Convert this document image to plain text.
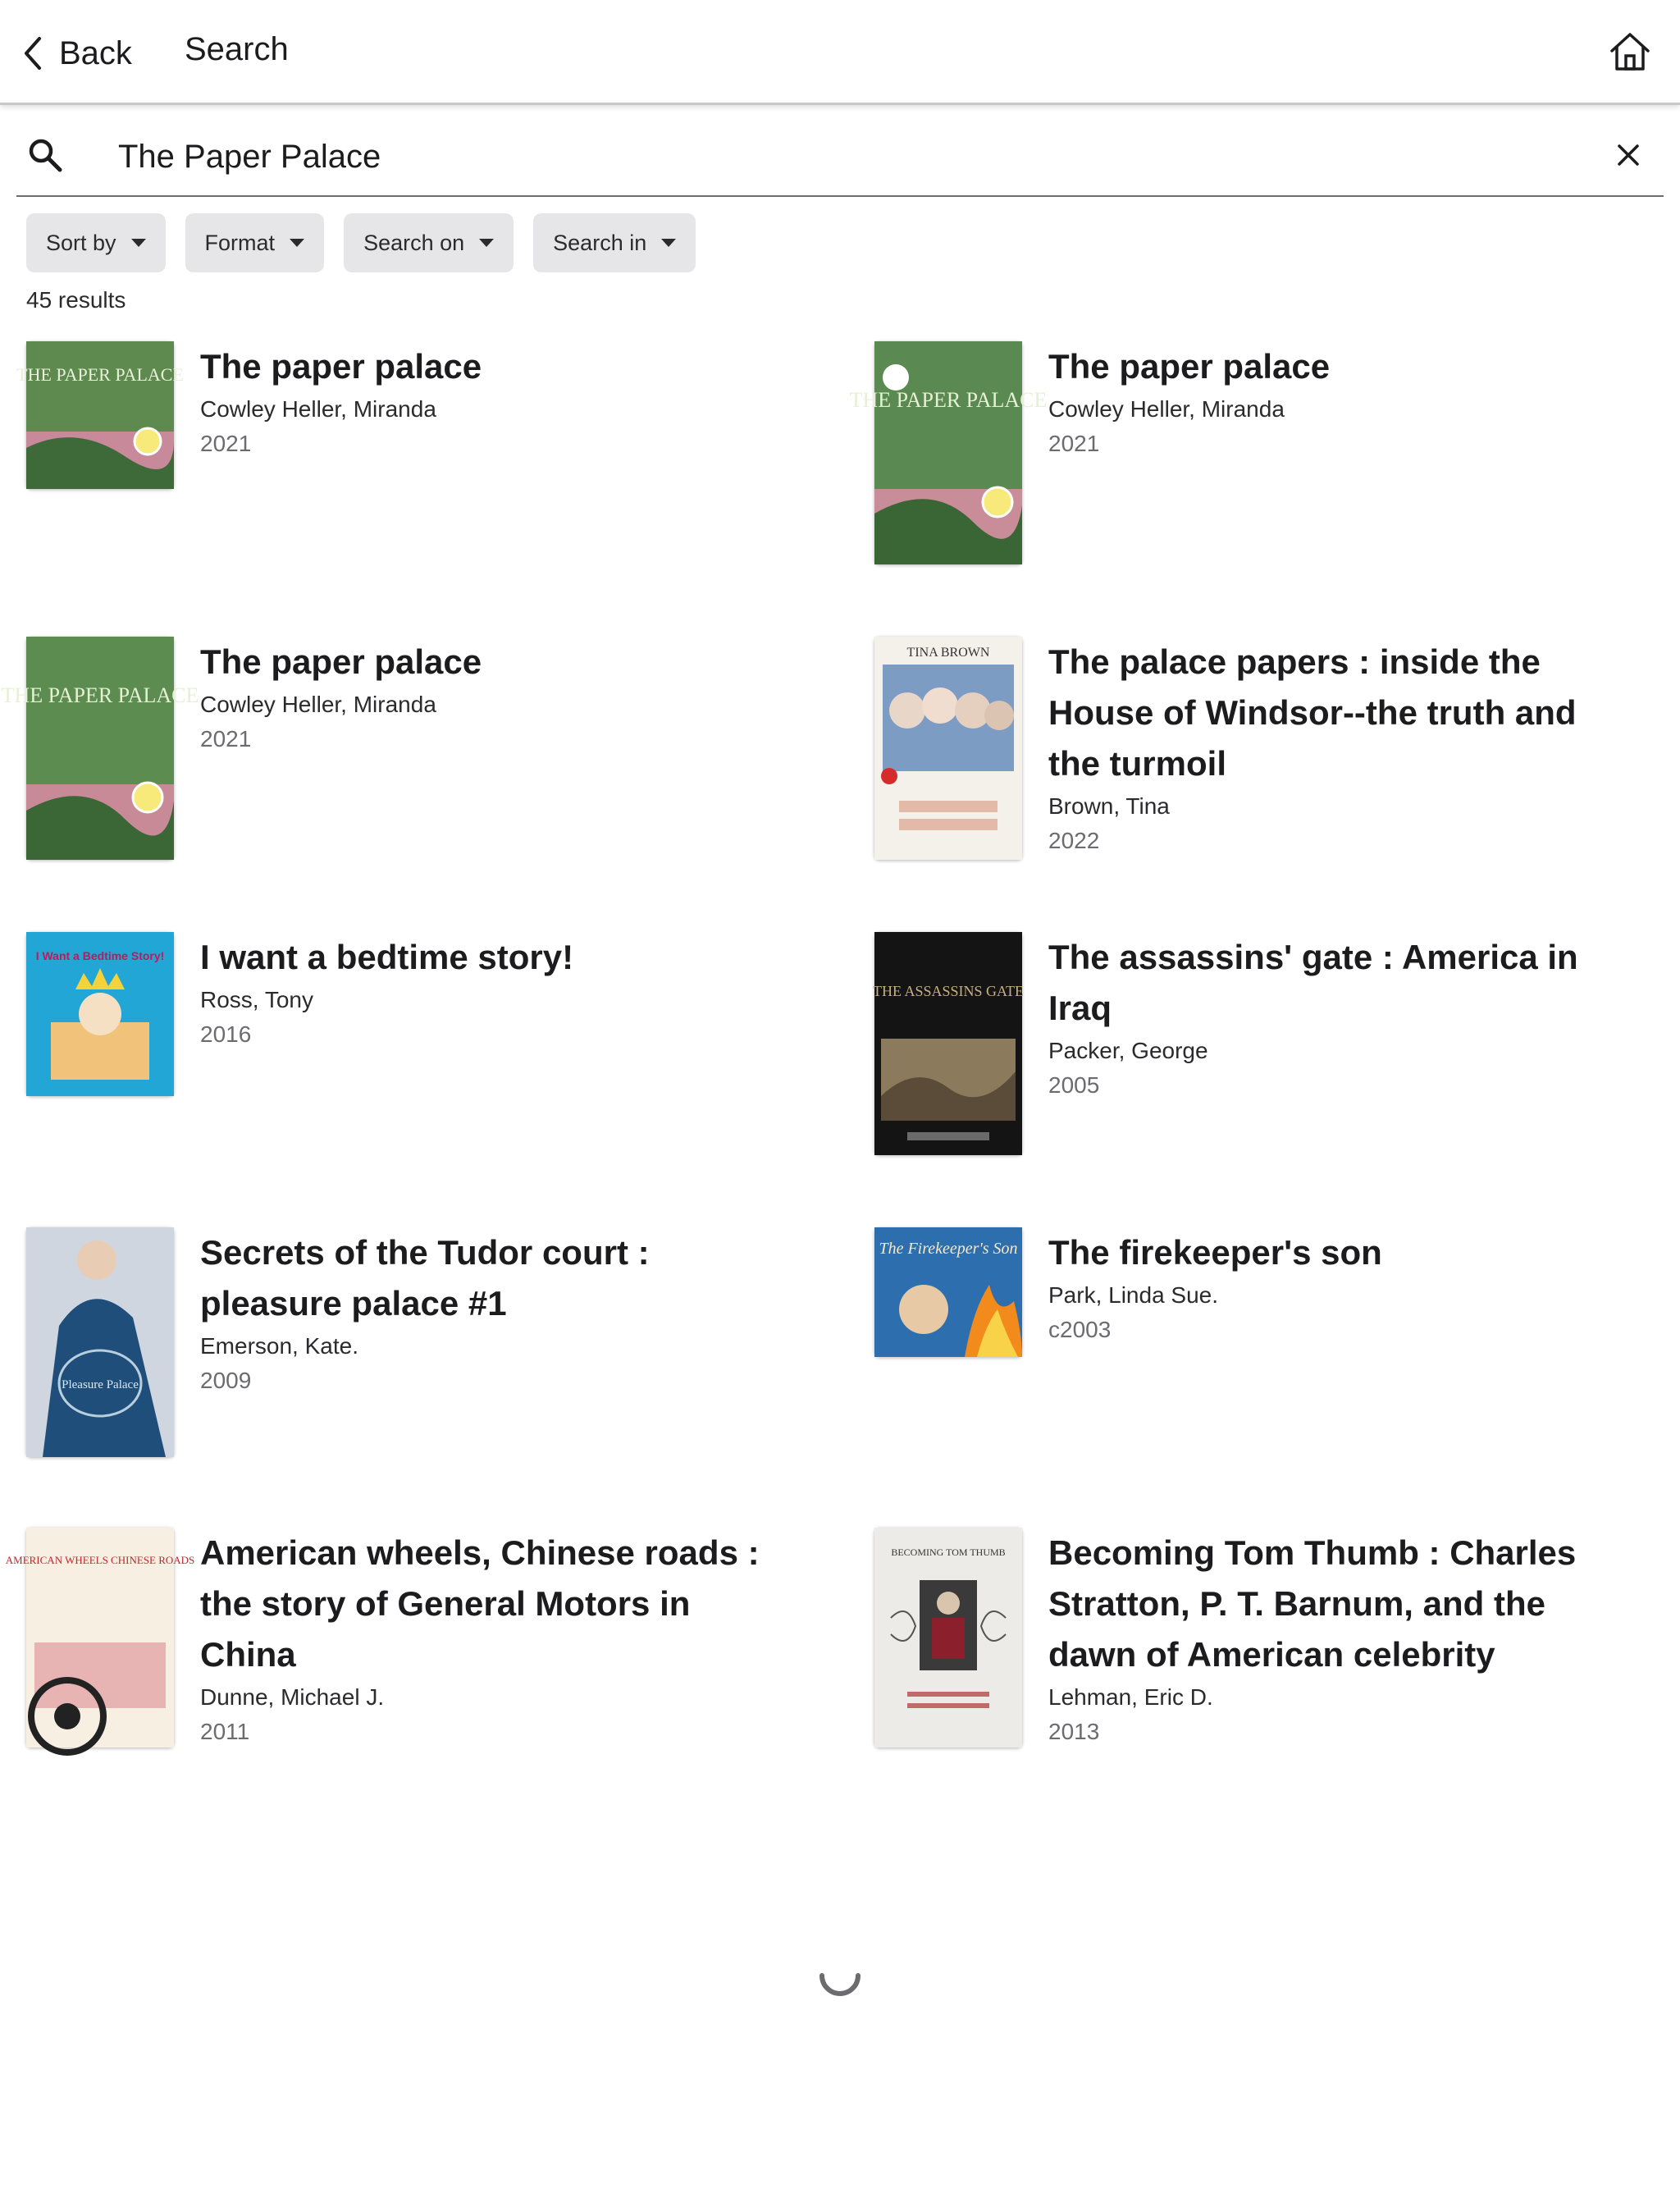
Back Search
The Paper Palace
Sort by	Format	Search on	Search in
45 results
THE PAPER PALACE The paper palace
Cowley Heller, Miranda
2021
THE PAPER PALACE
The paper palace
Cowley Heller, Miranda
2021
THE PAPER PALACE
The paper palace
Cowley Heller, Miranda
2021
TINA BROWN The palace papers : inside the House of Windsor--the truth and the turmoil
Brown, Tina
2022
I Want a Bedtime Story! I want a bedtime story!
Ross, Tony
2016
THE ASSASSINS GATE
The assassins' gate : America in Iraq
Packer, George
2005
Pleasure Palace
Secrets of the Tudor court : pleasure palace #1
Emerson, Kate.
2009
The Firekeeper's Son The firekeeper's son
Park, Linda Sue.
c2003
AMERICAN WHEELS CHINESE ROADS American wheels, Chinese roads : the story of General Motors in China
Dunne, Michael J.
2011
BECOMING TOM THUMB Becoming Tom Thumb : Charles Stratton, P. T. Barnum, and the dawn of American celebrity
Lehman, Eric D.
2013
